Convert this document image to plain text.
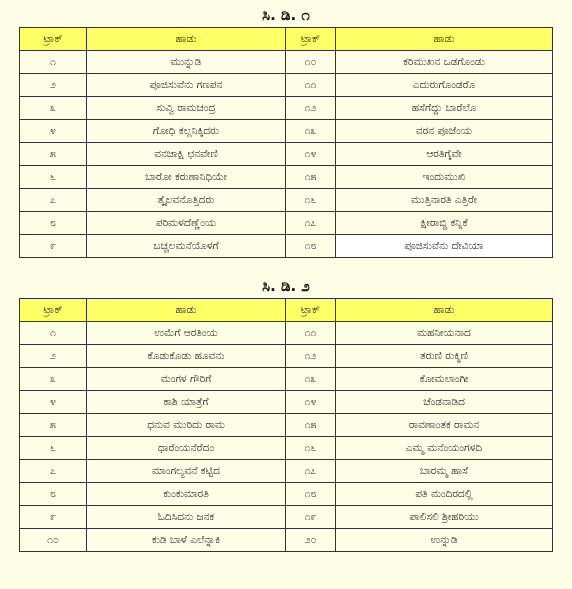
ಸಿ. ಡಿ. ೧
ಟ್ರಾಕ್	ಹಾಡು	ಟ್ರಾಕ್	ಹಾಡು
೧	ಮುನ್ನುಡಿ	೧೦	ಕರಿಮುಖನ ಒಡಗೊಂಡು
೨	ಪೂಜಿಸುವೆನು ಗಣಪನ	೧೧	ಎದುರುಗೊಂಡರೊ
೩	ಸುವ್ವಿ ರಾಮಚಂದ್ರ	೧೨	ಹಸೆಗೆದ್ದು ಬಾರೆಲೊ
೪	ಗೋಧಿ ಕಲ್ಲನಿಕ್ಕಿದರು	೧೩	ವರನ ಪೂಜೆಂಯ
೫	ವನಜಾಕ್ಷಿ ಛನವೇಣಿ	೧೪	ಆರತಿಗ್ಕೆವೇ
೬	ಬಾರೋ ಕರುಣಾನಿಧಿಯೇ	೧೫	ಇಂದುಮುಖಿ
೭	ತ್ಕೈಲವನೊತ್ತಿದರು	೧೬	ಮುತ್ತಿನಾರತಿ ಎತ್ತಿರೇ
೮	ಪರಿಮಳದೆಣ್ಣೆಂಯ	೧೭	ಕ್ಷೀರಾಬ್ಧಿ ಕನ್ನಿಕೆ
೯	ಬಚ್ಚಲಮನೆಯೊಳಗೆ	೧೮	ಪೂಜಿಸುವೆನು ದೇವಿಯಾ
ಸಿ. ಡಿ. ೨
ಟ್ರಾಕ್	ಹಾಡು	ಟ್ರಾಕ್	ಹಾಡು
೧	ಉಮೆಗೆ ಆರತಿಂಯ	೧೧	ಮಹನೀಯನಾದ
೨	ಕೊಡುಕೊಡು ಹೂವನು	೧೨	ತರುಣಿ ರುಕ್ಮಿಣಿ
೩	ಮಂಗಳ ಗೌರಿಗೆ	೧೩	ಕೋಮಲಾಂಗೀ
೪	ಕಾಶಿ ಯಾತ್ರೆಗೆ	೧೪	ಚೆಂಡನಾಡಿದ
೫	ಧನುವ ಮುರಿದು ರಾಮ	೧೫	ರಾವಣಾಂತಕ ರಾಮನ
೬	ಧಾರೆಂಯನೆರೆದಂ	೧೬	ಎಮ್ಮ ಮನೆಂಯಂಗಳದಿ
೭	ಮಾಂಗಲ್ಯವನೆ ಕಟ್ಟಿದ	೧೭	ಬಾರಮ್ಮ ಹಾಸೆ
೮	ಕುಂಕುಮಾರತಿ	೧೮	ಪತಿ ಮಂದಿರದಲ್ಲಿ
೯	ಓದಿಸಿದನು ಜನಕ	೧೯	ಪಾಲಿಸಲಿ ಶ್ರೀಹರಿಯು
೧೦	ಕುಡಿ ಬಾಳೆ ಎಲೆನ್ನಾಕಿ	೨೦	ಉನ್ನುಡಿ
